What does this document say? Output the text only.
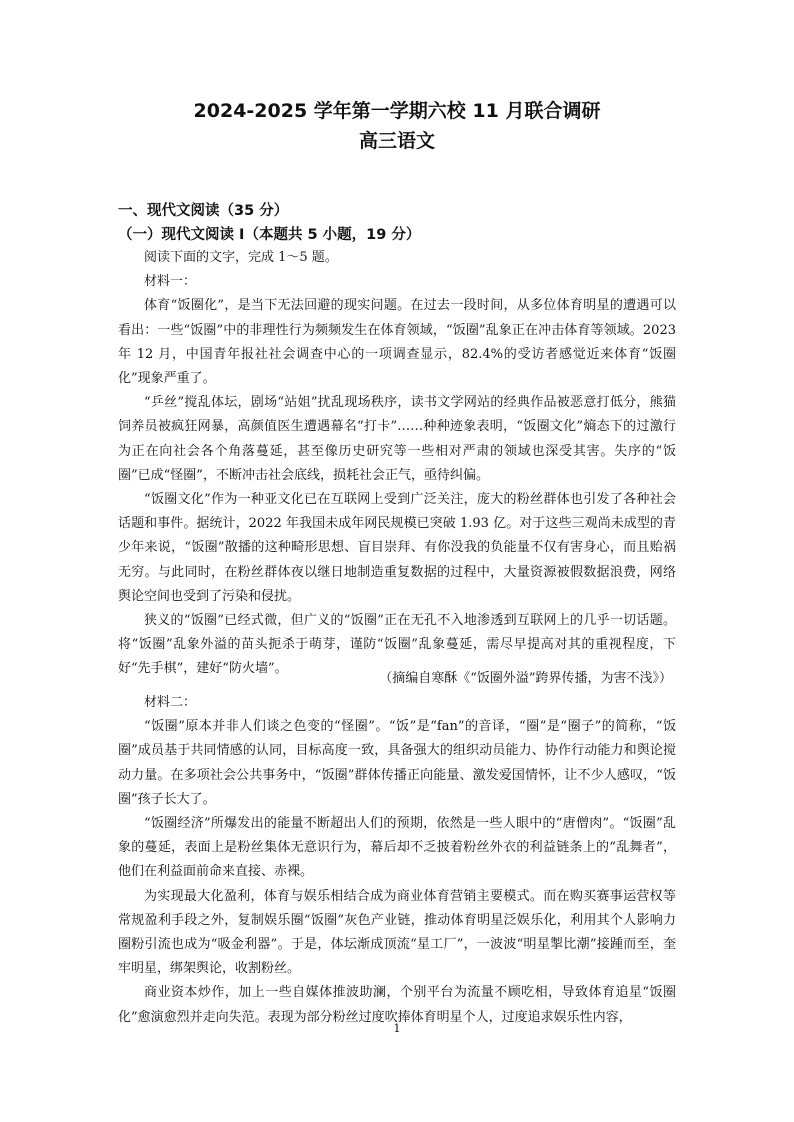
2024-2025 学年第一学期六校 11 月联合调研
高三语文
一、现代文阅读（35 分）
（一）现代文阅读 I（本题共 5 小题，19 分）

阅读下面的文字，完成 1～5 题。

材料一：

体育“饭圈化”，是当下无法回避的现实问题。在过去一段时间，从多位体育明星的遭遇可以看出：一些“饭圈”中的非理性行为频频发生在体育领域，“饭圈”乱象正在冲击体育等领域。2023 年 12 月，中国青年报社社会调查中心的一项调查显示，82.4%的受访者感觉近来体育“饭圈化”现象严重了。

“乒丝”搅乱体坛，剧场“站姐”扰乱现场秩序，读书文学网站的经典作品被恶意打低分，熊猫饲养员被疯狂网暴，高颜值医生遭遇幕名“打卡”……种种迹象表明，“饭圈文化”熵态下的过激行为正在向社会各个角落蔓延，甚至像历史研究等一些相对严肃的领域也深受其害。失序的“饭圈”已成“怪圈”，不断冲击社会底线，损耗社会正气，亟待纠偏。

“饭圈文化”作为一种亚文化已在互联网上受到广泛关注，庞大的粉丝群体也引发了各种社会话题和事件。据统计，2022 年我国未成年网民规模已突破 1.93 亿。对于这些三观尚未成型的青少年来说，“饭圈”散播的这种畸形思想、盲目崇拜、有你没我的负能量不仅有害身心，而且贻祸无穷。与此同时，在粉丝群体夜以继日地制造重复数据的过程中，大量资源被假数据浪费，网络舆论空间也受到了污染和侵扰。

狭义的“饭圈”已经式微，但广义的“饭圈”正在无孔不入地渗透到互联网上的几乎一切话题。将“饭圈”乱象外溢的苗头扼杀于萌芽，谨防“饭圈”乱象蔓延，需尽早提高对其的重视程度，下好“先手棋”，建好“防火墙”。

（摘编自寒酥《“饭圈外溢”跨界传播，为害不浅》）

材料二：

“饭圈”原本并非人们谈之色变的“怪圈”。“饭”是“fan”的音译，“圈”是“圈子”的简称，“饭圈”成员基于共同情感的认同，目标高度一致，具备强大的组织动员能力、协作行动能力和舆论搅动力量。在多项社会公共事务中，“饭圈”群体传播正向能量、激发爱国情怀，让不少人感叹，“饭圈”孩子长大了。

“饭圈经济”所爆发出的能量不断超出人们的预期，依然是一些人眼中的“唐僧肉”。“饭圈”乱象的蔓延，表面上是粉丝集体无意识行为，幕后却不乏披着粉丝外衣的利益链条上的“乱舞者”，他们在利益面前命来直接、赤裸。

为实现最大化盈利，体育与娱乐相结合成为商业体育营销主要模式。而在购买赛事运营权等常规盈利手段之外，复制娱乐圈“饭圈”灰色产业链，推动体育明星泛娱乐化，利用其个人影响力圈粉引流也成为“吸金利器”。于是，体坛渐成顶流“星工厂”，一波波“明星掣比潮”接踵而至，奎牢明星，绑架舆论，收割粉丝。

商业资本炒作，加上一些自媒体推波助澜，个别平台为流量不顾吃相，导致体育追星“饭圈化”愈演愈烈并走向失范。表现为部分粉丝过度吹捧体育明星个人，过度追求娱乐性内容，

1
